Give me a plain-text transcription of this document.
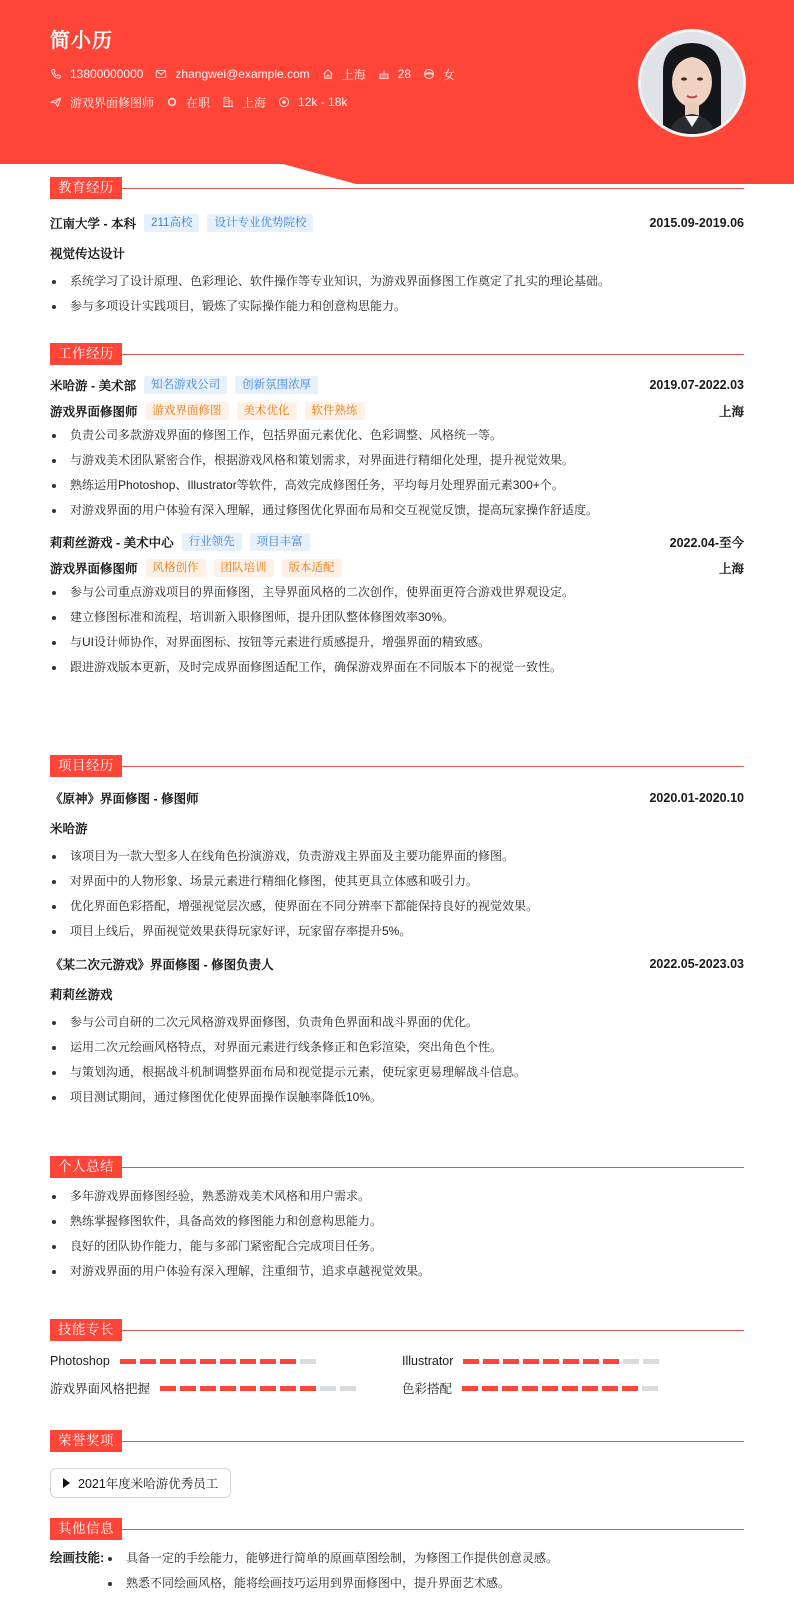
简小历
13800000000	zhangwei@example.com	上海	28	女
游戏界面修图师	在职	上海	12k - 18k
教育经历
江南大学 - 本科	211高校	设计专业优势院校	2015.09-2019.06
视觉传达设计
系统学习了设计原理、色彩理论、软件操作等专业知识，为游戏界面修图工作奠定了扎实的理论基础。
参与多项设计实践项目，锻炼了实际操作能力和创意构思能力。
工作经历
米哈游 - 美术部	知名游戏公司	创新氛围浓厚	2019.07-2022.03
游戏界面修图师	游戏界面修图	美术优化	软件熟练	上海
负责公司多款游戏界面的修图工作，包括界面元素优化、色彩调整、风格统一等。
与游戏美术团队紧密合作，根据游戏风格和策划需求，对界面进行精细化处理，提升视觉效果。
熟练运用Photoshop、Illustrator等软件，高效完成修图任务，平均每月处理界面元素300+个。
对游戏界面的用户体验有深入理解，通过修图优化界面布局和交互视觉反馈，提高玩家操作舒适度。
莉莉丝游戏 - 美术中心	行业领先	项目丰富	2022.04-至今
游戏界面修图师	风格创作	团队培训	版本适配	上海
参与公司重点游戏项目的界面修图，主导界面风格的二次创作，使界面更符合游戏世界观设定。
建立修图标准和流程，培训新入职修图师，提升团队整体修图效率30%。
与UI设计师协作，对界面图标、按钮等元素进行质感提升，增强界面的精致感。
跟进游戏版本更新，及时完成界面修图适配工作，确保游戏界面在不同版本下的视觉一致性。
项目经历
《原神》界面修图 - 修图师	2020.01-2020.10
米哈游
该项目为一款大型多人在线角色扮演游戏，负责游戏主界面及主要功能界面的修图。
对界面中的人物形象、场景元素进行精细化修图，使其更具立体感和吸引力。
优化界面色彩搭配，增强视觉层次感，使界面在不同分辨率下都能保持良好的视觉效果。
项目上线后，界面视觉效果获得玩家好评，玩家留存率提升5%。
《某二次元游戏》界面修图 - 修图负责人	2022.05-2023.03
莉莉丝游戏
参与公司自研的二次元风格游戏界面修图，负责角色界面和战斗界面的优化。
运用二次元绘画风格特点，对界面元素进行线条修正和色彩渲染，突出角色个性。
与策划沟通，根据战斗机制调整界面布局和视觉提示元素，使玩家更易理解战斗信息。
项目测试期间，通过修图优化使界面操作误触率降低10%。
个人总结
多年游戏界面修图经验，熟悉游戏美术风格和用户需求。
熟练掌握修图软件，具备高效的修图能力和创意构思能力。
良好的团队协作能力，能与多部门紧密配合完成项目任务。
对游戏界面的用户体验有深入理解，注重细节，追求卓越视觉效果。
技能专长
Photoshop	Illustrator
游戏界面风格把握	色彩搭配
荣誉奖项
2021年度米哈游优秀员工
其他信息
绘画技能:	具备一定的手绘能力，能够进行简单的原画草图绘制，为修图工作提供创意灵感。
熟悉不同绘画风格，能将绘画技巧运用到界面修图中，提升界面艺术感。
